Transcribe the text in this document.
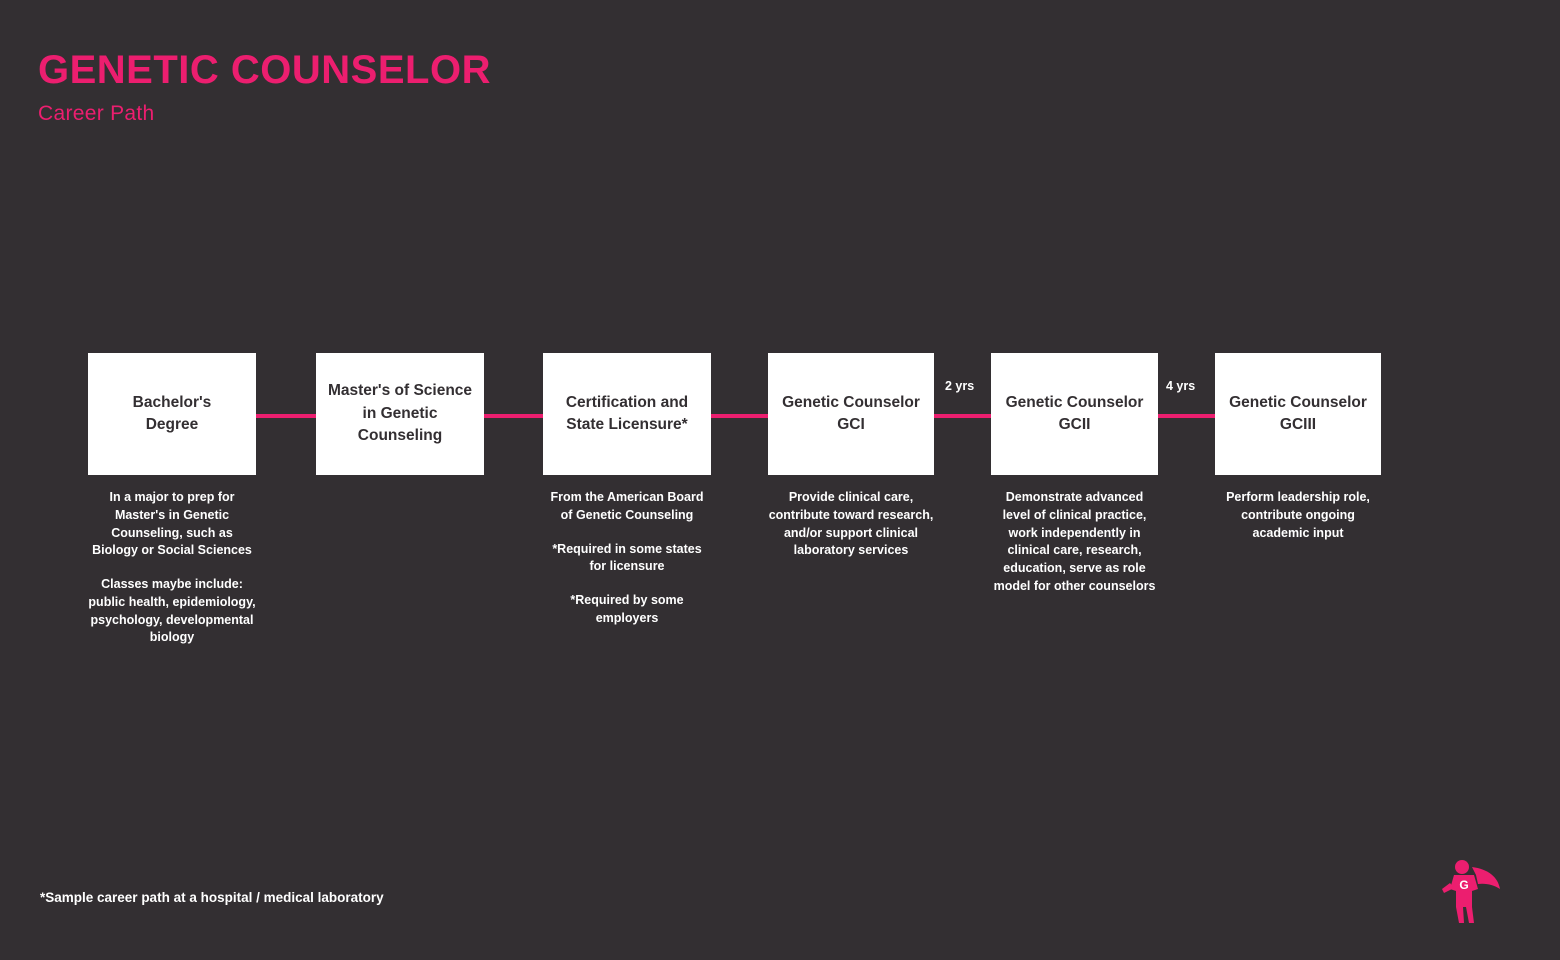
GENETIC COUNSELOR
Career Path
2 yrs	4 yrs
Bachelor's
Degree
In a major to prep for Master's in Genetic Counseling, such as Biology or Social Sciences
Classes maybe include: public health, epidemiology, psychology, developmental biology
Master's of Science
in Genetic
Counseling
Certification and
State Licensure*
From the American Board of Genetic Counseling
*Required in some states for licensure
*Required by some employers
Genetic Counselor
GCI
Provide clinical care, contribute toward research, and/or support clinical laboratory services
Genetic Counselor
GCII
Demonstrate advanced level of clinical practice, work independently in clinical care, research, education, serve as role model for other counselors
Genetic Counselor
GCIII
Perform leadership role, contribute ongoing academic input
*Sample career path at a hospital / medical laboratory
G
